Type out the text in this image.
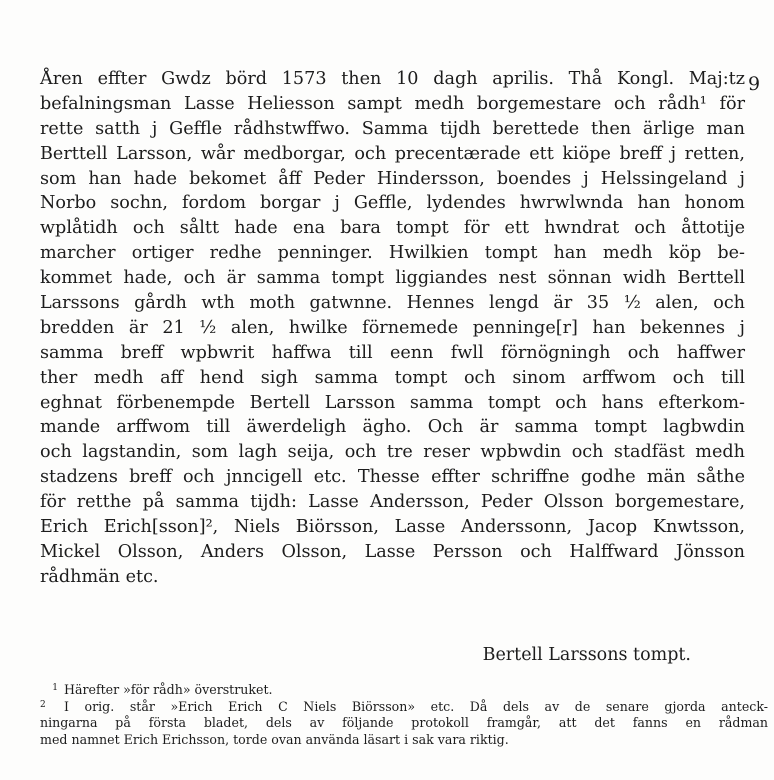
9
Åren effter Gwdz börd 1573 then 10 dagh aprilis. Thå Kongl. Maj:tz
befalningsman Lasse Heliesson sampt medh borgemestare och rådh¹ för
rette satth j Geffle rådhstwffwo. Samma tijdh berettede then ärlige man
Berttell Larsson, wår medborgar, och precentærade ett kiöpe breff j retten,
som han hade bekomet åff Peder Hindersson, boendes j Helssingeland j
Norbo sochn, fordom borgar j Geffle, lydendes hwrwlwnda han honom
wplåtidh och såltt hade ena bara tompt för ett hwndrat och åttotije
marcher ortiger redhe penninger. Hwilkien tompt han medh köp be-
kommet hade, och är samma tompt liggiandes nest sönnan widh Berttell
Larssons gårdh wth moth gatwnne. Hennes lengd är 35 ½ alen, och
bredden är 21 ½ alen, hwilke förnemede penninge[r] han bekennes j
samma breff wpbwrit haffwa till eenn fwll förnögningh och haffwer
ther medh aff hend sigh samma tompt och sinom arffwom och till
eghnat förbenempde Bertell Larsson samma tompt och hans efterkom-
mande arffwom till äwerdeligh ägho. Och är samma tompt lagbwdin
och lagstandin, som lagh seija, och tre reser wpbwdin och stadfäst medh
stadzens breff och jnncigell etc. Thesse effter schriffne godhe män såthe
för retthe på samma tijdh: Lasse Andersson, Peder Olsson borgemestare,
Erich Erich[sson]², Niels Biörsson, Lasse Anderssonn, Jacop Knwtsson,
Mickel Olsson, Anders Olsson, Lasse Persson och Halffward Jönsson
rådhmän etc.
Bertell Larssons tompt.
1 Härefter »för rådh» överstruket.
2 I orig. står »Erich Erich C Niels Biörsson» etc. Då dels av de senare gjorda anteck-
ningarna på första bladet, dels av följande protokoll framgår, att det fanns en rådman
med namnet Erich Erichsson, torde ovan använda läsart i sak vara riktig.
